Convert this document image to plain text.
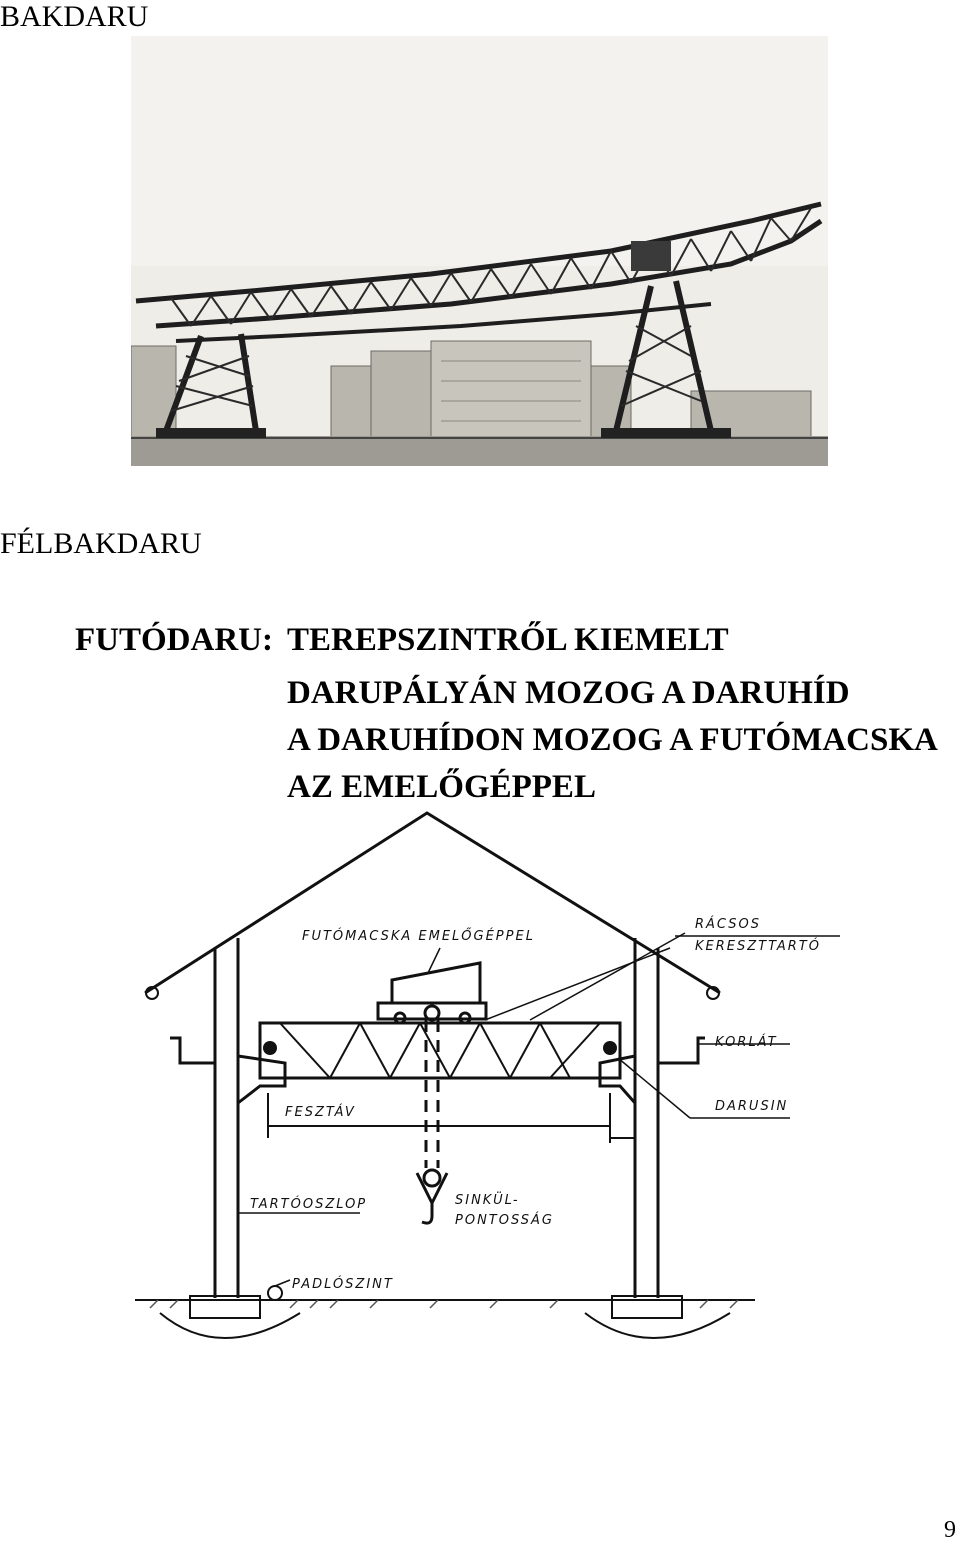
BAKDARU
FÉLBAKDARU
FUTÓDARU: TEREPSZINTRŐL KIEMELT
DARUPÁLYÁN MOZOG A DARUHÍD
A DARUHÍDON MOZOG A FUTÓMACSKA
AZ EMELŐGÉPPEL
FUTÓMACSKA EMELŐGÉPPEL
RÁCSOS
KERESZTTARTÓ
KORLÁT
DARUSIN
FESZTÁV
TARTÓOSZLOP	SINKÜL-
PONTOSSÁG
PADLÓSZINT
9
